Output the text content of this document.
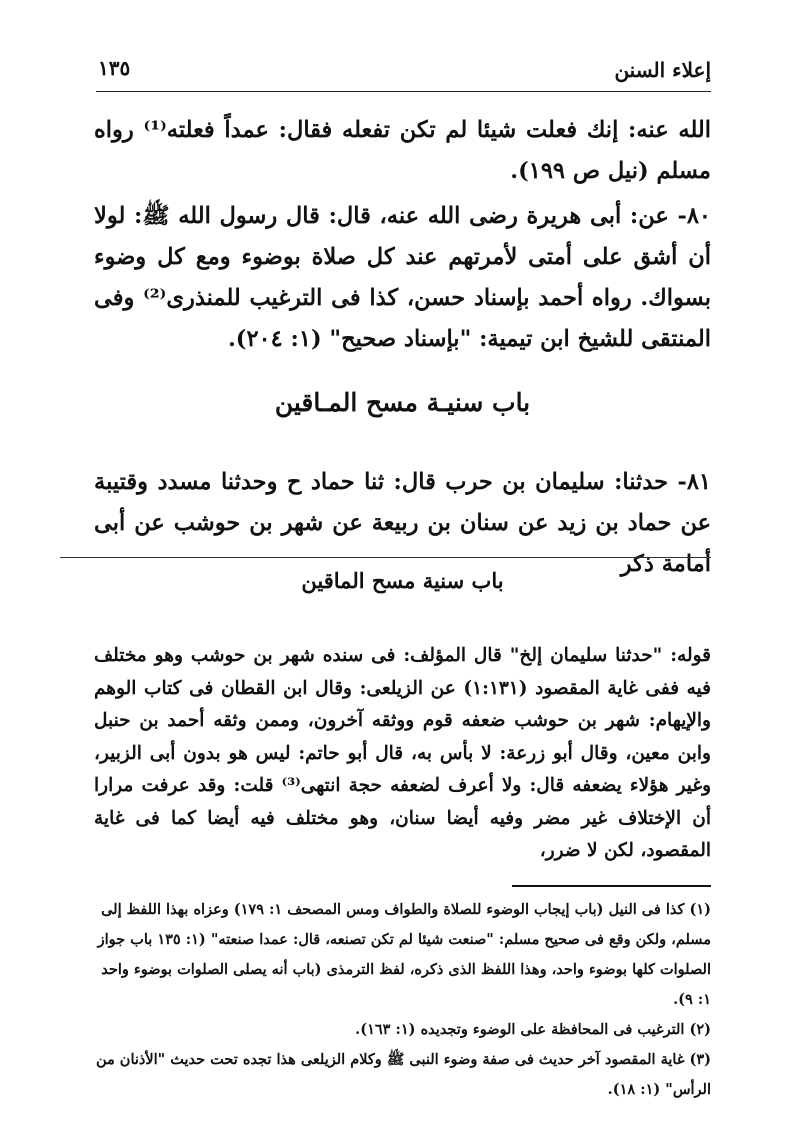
إعلاء السنن
١٣٥

الله عنه: إنك فعلت شيئا لم تكن تفعله فقال: عمداً فعلته⁽¹⁾ رواه مسلم (نيل ص ١٩٩).

٨٠- عن: أبى هريرة رضى الله عنه، قال: قال رسول الله ﷺ: لولا أن أشق على أمتى لأمرتهم عند كل صلاة بوضوء ومع كل وضوء بسواك. رواه أحمد بإسناد حسن، كذا فى الترغيب للمنذرى⁽²⁾ وفى المنتقى للشيخ ابن تيمية: "بإسناد صحيح" (١: ٢٠٤).

باب سنيـة مسح المـاقين

٨١- حدثنا: سليمان بن حرب قال: ثنا حماد ح وحدثنا مسدد وقتيبة عن حماد بن زيد عن سنان بن ربيعة عن شهر بن حوشب عن أبى أمامة ذكر

باب سنية مسح الماقين

قوله: "حدثنا سليمان إلخ" قال المؤلف: فى سنده شهر بن حوشب وهو مختلف فيه ففى غاية المقصود (١:١٣١) عن الزيلعى: وقال ابن القطان فى كتاب الوهم والإيهام: شهر بن حوشب ضعفه قوم ووثقه آخرون، وممن وثقه أحمد بن حنبل وابن معين، وقال أبو زرعة: لا بأس به، قال أبو حاتم: ليس هو بدون أبى الزبير، وغير هؤلاء يضعفه قال: ولا أعرف لضعفه حجة انتهى⁽³⁾ قلت: وقد عرفت مرارا أن الإختلاف غير مضر وفيه أيضا سنان، وهو مختلف فيه أيضا كما فى غاية المقصود، لكن لا ضرر،

(١) كذا فى النيل (باب إيجاب الوضوء للصلاة والطواف ومس المصحف ١: ١٧٩) وعزاه بهذا اللفظ إلى مسلم، ولكن وقع فى صحيح مسلم: "صنعت شيئا لم تكن تصنعه، قال: عمدا صنعته" (١: ١٣٥ باب جواز الصلوات كلها بوضوء واحد، وهذا اللفظ الذى ذكره، لفظ الترمذى (باب أنه يصلى الصلوات بوضوء واحد ١: ٩).

(٢) الترغيب فى المحافظة على الوضوء وتجديده (١: ١٦٣).

(٣) غاية المقصود آخر حديث فى صفة وضوء النبى ﷺ وكلام الزيلعى هذا تجده تحت حديث "الأذنان من الرأس" (١: ١٨).
